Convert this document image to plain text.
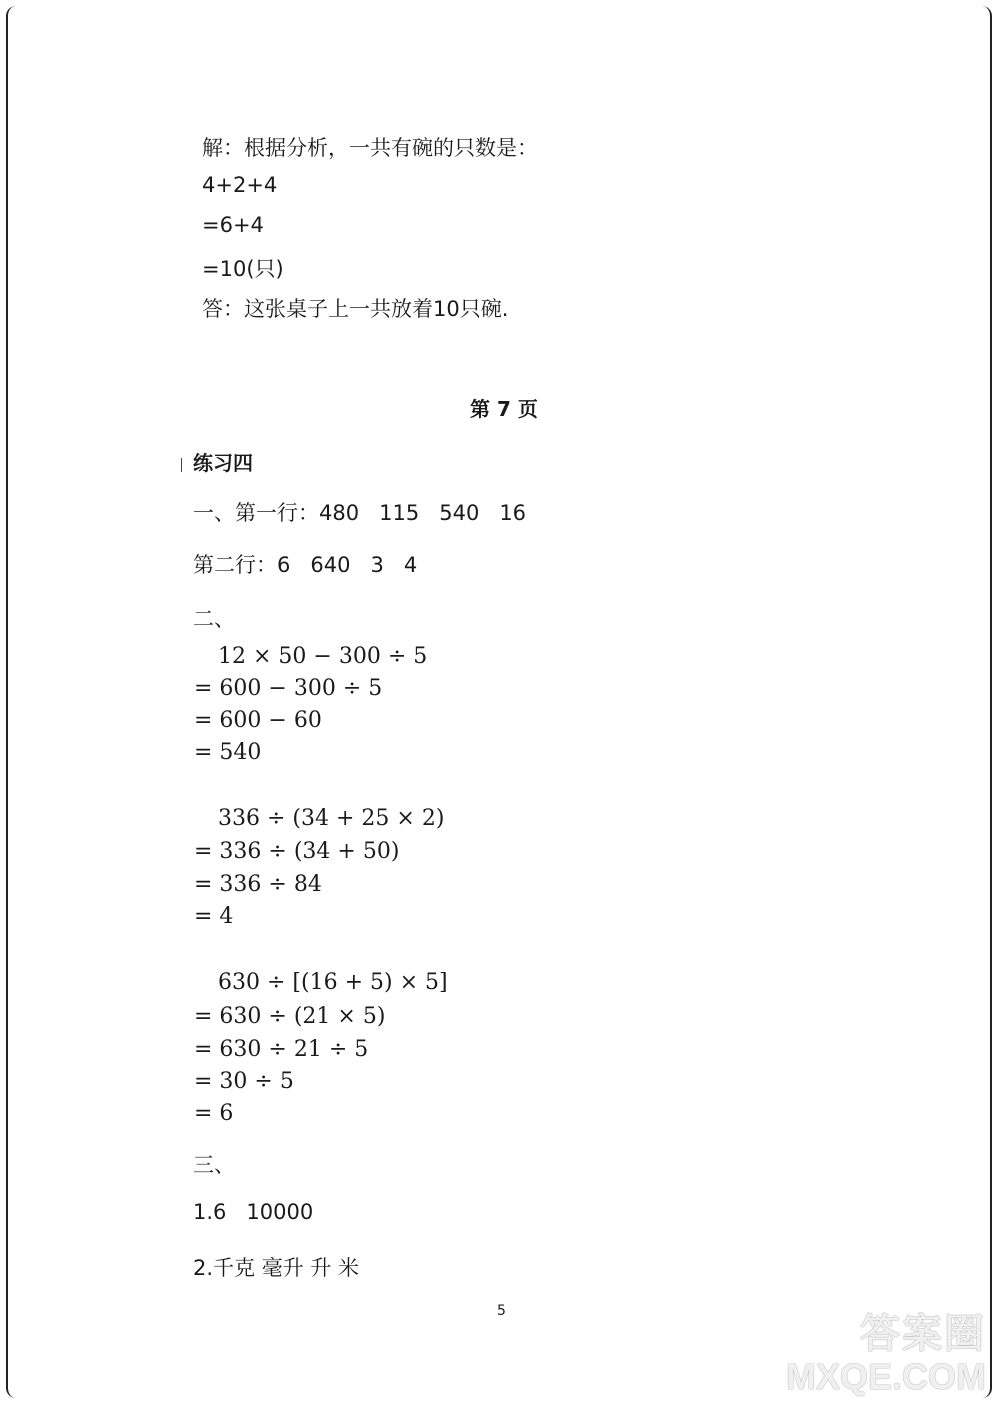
解：根据分析，一共有碗的只数是：
4+2+4
=6+4
=10(只)
答：这张桌子上一共放着10只碗.
第 7 页
练习四
一、第一行：480   115   540   16
第二行：6   640   3   4
二、
12 × 50 − 300 ÷ 5
= 600 − 300 ÷ 5
= 600 − 60
= 540
336 ÷ (34 + 25 × 2)
= 336 ÷ (34 + 50)
= 336 ÷ 84
= 4
630 ÷ [(16 + 5) × 5]
= 630 ÷ (21 × 5)
= 630 ÷ 21 ÷ 5
= 30 ÷ 5
= 6
三、
1.6   10000
2.千克 毫升 升 米
5	答案圈
MXQE.COM
